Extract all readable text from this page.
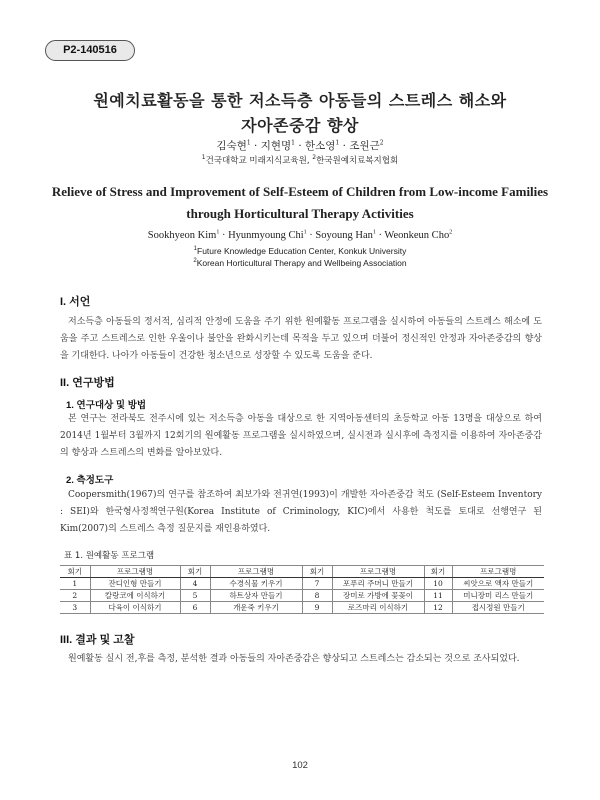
P2-140516
원예치료활동을 통한 저소득층 아동들의 스트레스 해소와
자아존중감 향상
김숙현$^1$ · 지현명$^1$ · 한소영$^1$ · 조원근$^2$
$^1$건국대학교 미래지식교육원, $^2$한국원예치료복지협회
Relieve of Stress and Improvement of Self-Esteem of Children from Low-income Families
through Horticultural Therapy Activities
Sookhyeon Kim$^1$ · Hyunmyoung Chi$^1$ · Soyoung Han$^1$ · Weonkeun Cho$^2$
$^1$Future Knowledge Education Center, Konkuk University
$^2$Korean Horticultural Therapy and Wellbeing Association
I. 서언

저소득층 아동들의 정서적, 심리적 안정에 도움을 주기 위한 원예활동 프로그램을 실시하여 아동들의 스트레스 해소에 도움을 주고 스트레스로 인한 우울이나 불안을 완화시키는데 목적을 두고 있으며 더불어 정신적인 안정과 자아존중감의 향상을 기대한다. 나아가 아동들이 건강한 청소년으로 성장할 수 있도록 도움을 준다.

II. 연구방법
1. 연구대상 및 방법

본 연구는 전라북도 전주시에 있는 저소득층 아동을 대상으로 한 지역아동센터의 초등학교 아동 13명을 대상으로 하여 2014년 1월부터 3월까지 12회기의 원예활동 프로그램을 실시하였으며, 실시전과 실시후에 측정지를 이용하여 자아존중감의 향상과 스트레스의 변화를 알아보았다.

2. 측정도구

Coopersmith(1967)의 연구를 참조하여 최보가와 전귀연(1993)이 개발한 자아존중감 척도 (Self-Esteem Inventory : SEI)와 한국형사정책연구원(Korea Institute of Criminology, KIC)에서 사용한 척도를 토대로 선행연구 된 Kim(2007)의 스트레스 측정 질문지를 재인용하였다.

표 1. 원예활동 프로그램
회기	프로그램명	회기	프로그램명	회기	프로그램명	회기	프로그램명
1	잔디인형 만들기	4	수경식물 키우기	7	포푸리 주머니 만들기	10	씨앗으로 액자 만들기
2	칼랑코에 이식하기	5	하트상자 만들기	8	장미로 가방에 꽃꽂이	11	미니장미 리스 만들기
3	다육이 이식하기	6	개운죽 키우기	9	로즈마리 이식하기	12	접시정원 만들기
III. 결과 및 고찰

원예활동 실시 전,후를 측정, 분석한 결과 아동들의 자아존중감은 향상되고 스트레스는 감소되는 것으로 조사되었다.

102
